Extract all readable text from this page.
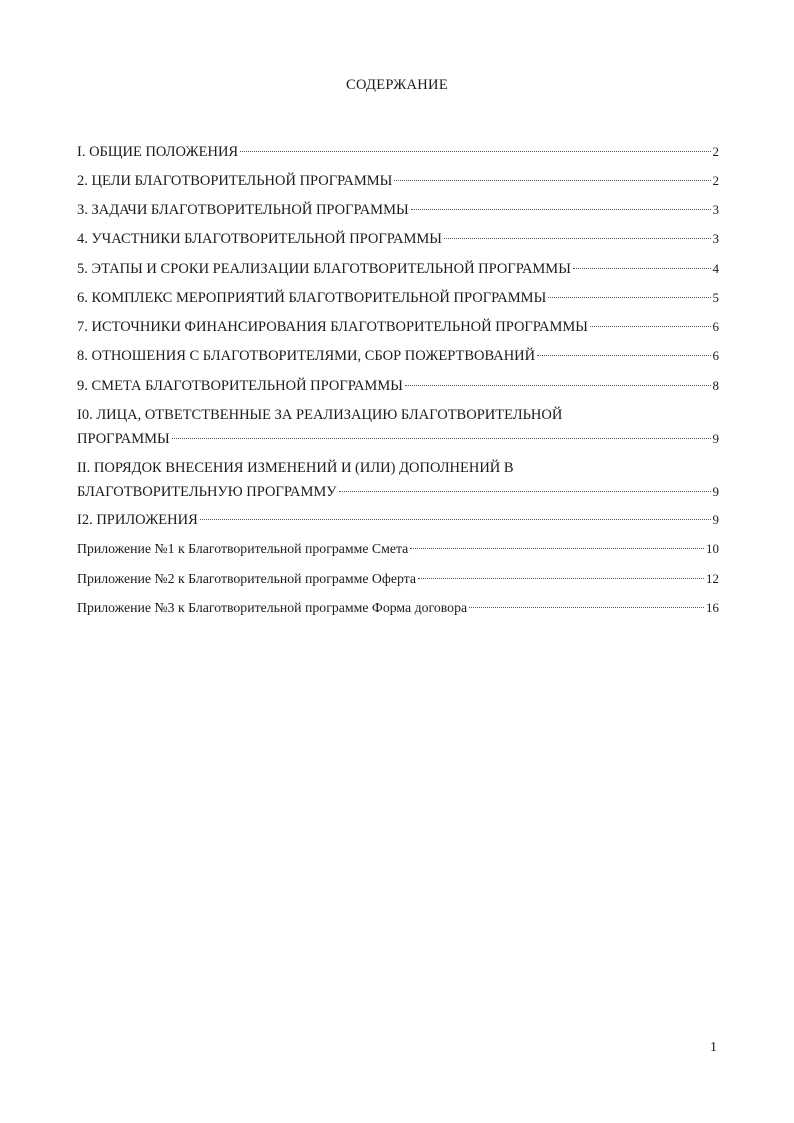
СОДЕРЖАНИЕ
I. ОБЩИЕ ПОЛОЖЕНИЯ	2
2. ЦЕЛИ БЛАГОТВОРИТЕЛЬНОЙ ПРОГРАММЫ	2
3. ЗАДАЧИ БЛАГОТВОРИТЕЛЬНОЙ ПРОГРАММЫ	3
4. УЧАСТНИКИ БЛАГОТВОРИТЕЛЬНОЙ ПРОГРАММЫ	3
5. ЭТАПЫ И СРОКИ РЕАЛИЗАЦИИ БЛАГОТВОРИТЕЛЬНОЙ ПРОГРАММЫ	4
6. КОМПЛЕКС МЕРОПРИЯТИЙ БЛАГОТВОРИТЕЛЬНОЙ ПРОГРАММЫ	5
7. ИСТОЧНИКИ ФИНАНСИРОВАНИЯ БЛАГОТВОРИТЕЛЬНОЙ ПРОГРАММЫ	6
8. ОТНОШЕНИЯ С БЛАГОТВОРИТЕЛЯМИ, СБОР ПОЖЕРТВОВАНИЙ	6
9. СМЕТА БЛАГОТВОРИТЕЛЬНОЙ ПРОГРАММЫ	8
I0. ЛИЦА, ОТВЕТСТВЕННЫЕ ЗА РЕАЛИЗАЦИЮ БЛАГОТВОРИТЕЛЬНОЙ
ПРОГРАММЫ	9
II. ПОРЯДОК ВНЕСЕНИЯ ИЗМЕНЕНИЙ И (ИЛИ) ДОПОЛНЕНИЙ В
БЛАГОТВОРИТЕЛЬНУЮ ПРОГРАММУ	9
I2. ПРИЛОЖЕНИЯ	9
Приложение №1 к Благотворительной программе Смета	10
Приложение №2 к Благотворительной программе Оферта	12
Приложение №3 к Благотворительной программе Форма договора	16
1
